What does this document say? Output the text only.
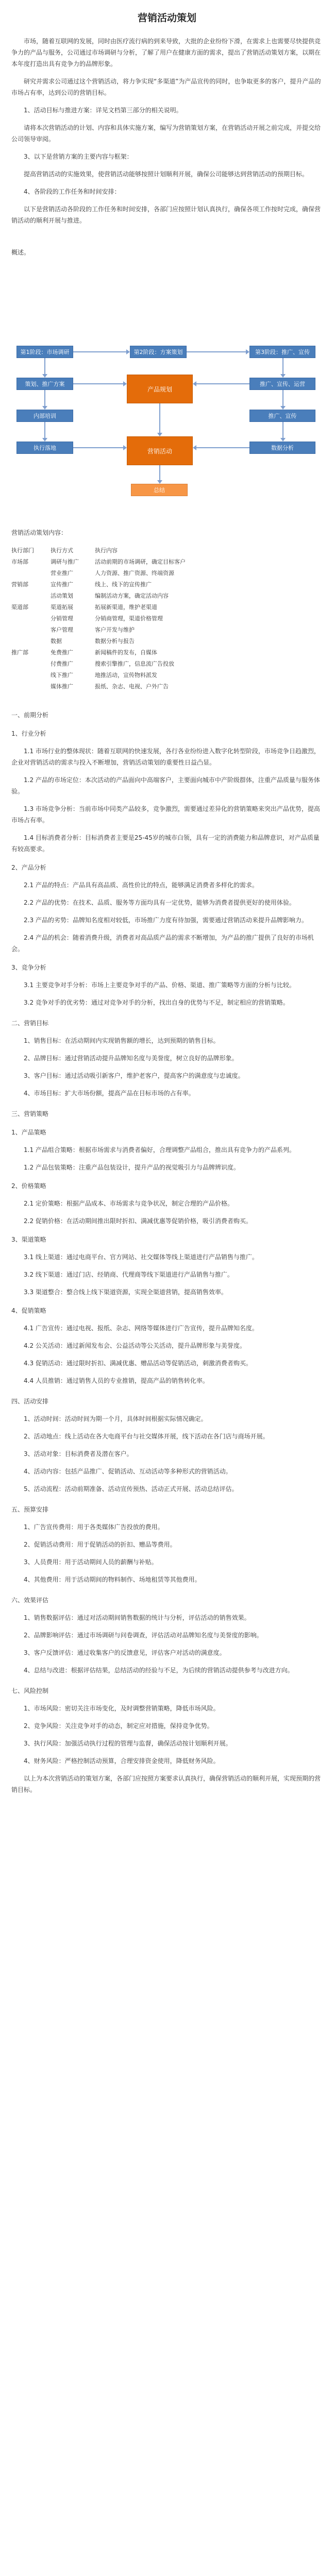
营销活动策划

市场，随着互联网的发展，同时由医疗流行病的到来导致，大批的企业纷纷下滑，在需求上也需要尽快提供竞争力的产品与服务，公司通过市场调研与分析，了解了用户在健康方面的需求，提出了营销活动策划方案，以期在本年度打造出具有竞争力的品牌形象。

研究并需求公司通过这个营销活动，将力争实现“多渠道”为产品宣传的同时，也争取更多的客户，提升产品的市场占有率，达到公司的营销目标。

1、活动目标与推进方案：详见文档第三部分的相关说明。

请将本次营销活动的计划、内容和具体实施方案，编写为营销策划方案，在营销活动开展之前完成，并提交给公司领导审阅。

3、以下是营销方案的主要内容与框架：

提高营销活动的实施效果，使营销活动能够按照计划顺利开展，确保公司能够达到营销活动的预期目标。

4、各阶段的工作任务和时间安排：

以下是营销活动各阶段的工作任务和时间安排，各部门应按照计划认真执行，确保各项工作按时完成，确保营销活动的顺利开展与推进。

概述。

第1阶段：市场调研	第2阶段：方案策划	第3阶段：推广、宣传
策划、推广方案
产品规划
推广、宣传、运营
内部培训	推广、宣传
执行落地	营销活动	数据分析
总结

营销活动策划内容：

执行部门	执行方式	执行内容
市场部	调研与推广	活动前期的市场调研，确定目标客户
	营业推广	人力资源、推广资源、终端资源
营销部	宣传推广	线上、线下的宣传推广
	活动策划	编制活动方案，确定活动内容
渠道部	渠道拓展	拓展新渠道，维护老渠道
	分销管理	分销商管理，渠道价格管理
	客户管理	客户开发与维护
	数据	数据分析与报告
推广部	免费推广	新闻稿件的发布，自媒体
	付费推广	搜索引擎推广，信息流广告投放
	线下推广	地推活动，宣传物料派发
	媒体推广	报纸、杂志、电视、户外广告

一、前期分析

1、行业分析

1.1 市场行业的整体现状：随着互联网的快速发展，各行各业纷纷进入数字化转型阶段，市场竞争日趋激烈，企业对营销活动的需求与投入不断增加，营销活动策划的重要性日益凸显。

1.2 产品的市场定位：本次活动的产品面向中高端客户，主要面向城市中产阶级群体，注重产品质量与服务体验。

1.3 市场竞争分析：当前市场中同类产品较多，竞争激烈，需要通过差异化的营销策略来突出产品优势，提高市场占有率。

1.4 目标消费者分析：目标消费者主要是25-45岁的城市白领，具有一定的消费能力和品牌意识，对产品质量有较高要求。

2、产品分析

2.1 产品的特点：产品具有高品质、高性价比的特点，能够满足消费者多样化的需求。

2.2 产品的优势：在技术、品质、服务等方面均具有一定优势，能够为消费者提供更好的使用体验。

2.3 产品的劣势：品牌知名度相对较低，市场推广力度有待加强，需要通过营销活动来提升品牌影响力。

2.4 产品的机会：随着消费升级，消费者对高品质产品的需求不断增加，为产品的推广提供了良好的市场机会。

3、竞争分析

3.1 主要竞争对手分析：市场上主要竞争对手的产品、价格、渠道、推广策略等方面的分析与比较。

3.2 竞争对手的优劣势：通过对竞争对手的分析，找出自身的优势与不足，制定相应的营销策略。

二、营销目标

1、销售目标：在活动期间内实现销售额的增长，达到预期的销售目标。

2、品牌目标：通过营销活动提升品牌知名度与美誉度，树立良好的品牌形象。

3、客户目标：通过活动吸引新客户，维护老客户，提高客户的满意度与忠诚度。

4、市场目标：扩大市场份额，提高产品在目标市场的占有率。

三、营销策略

1、产品策略

1.1 产品组合策略：根据市场需求与消费者偏好，合理调整产品组合，推出具有竞争力的产品系列。

1.2 产品包装策略：注重产品包装设计，提升产品的视觉吸引力与品牌辨识度。

2、价格策略

2.1 定价策略：根据产品成本、市场需求与竞争状况，制定合理的产品价格。

2.2 促销价格：在活动期间推出限时折扣、满减优惠等促销价格，吸引消费者购买。

3、渠道策略

3.1 线上渠道：通过电商平台、官方网站、社交媒体等线上渠道进行产品销售与推广。

3.2 线下渠道：通过门店、经销商、代理商等线下渠道进行产品销售与推广。

3.3 渠道整合：整合线上线下渠道资源，实现全渠道营销，提高销售效率。

4、促销策略

4.1 广告宣传：通过电视、报纸、杂志、网络等媒体进行广告宣传，提升品牌知名度。

4.2 公关活动：通过新闻发布会、公益活动等公关活动，提升品牌形象与美誉度。

4.3 促销活动：通过限时折扣、满减优惠、赠品活动等促销活动，刺激消费者购买。

4.4 人员推销：通过销售人员的专业推销，提高产品的销售转化率。

四、活动安排

1、活动时间：活动时间为期一个月，具体时间根据实际情况确定。

2、活动地点：线上活动在各大电商平台与社交媒体开展，线下活动在各门店与商场开展。

3、活动对象：目标消费者及潜在客户。

4、活动内容：包括产品推广、促销活动、互动活动等多种形式的营销活动。

5、活动流程：活动前期准备、活动宣传预热、活动正式开展、活动总结评估。

五、预算安排

1、广告宣传费用：用于各类媒体广告投放的费用。

2、促销活动费用：用于促销活动的折扣、赠品等费用。

3、人员费用：用于活动期间人员的薪酬与补贴。

4、其他费用：用于活动期间的物料制作、场地租赁等其他费用。

六、效果评估

1、销售数据评估：通过对活动期间销售数据的统计与分析，评估活动的销售效果。

2、品牌影响评估：通过市场调研与问卷调查，评估活动对品牌知名度与美誉度的影响。

3、客户反馈评估：通过收集客户的反馈意见，评估客户对活动的满意度。

4、总结与改进：根据评估结果，总结活动的经验与不足，为后续的营销活动提供参考与改进方向。

七、风险控制

1、市场风险：密切关注市场变化，及时调整营销策略，降低市场风险。

2、竞争风险：关注竞争对手的动态，制定应对措施，保持竞争优势。

3、执行风险：加强活动执行过程的管理与监督，确保活动按计划顺利开展。

4、财务风险：严格控制活动预算，合理安排资金使用，降低财务风险。

以上为本次营销活动的策划方案，各部门应按照方案要求认真执行，确保营销活动的顺利开展，实现预期的营销目标。
